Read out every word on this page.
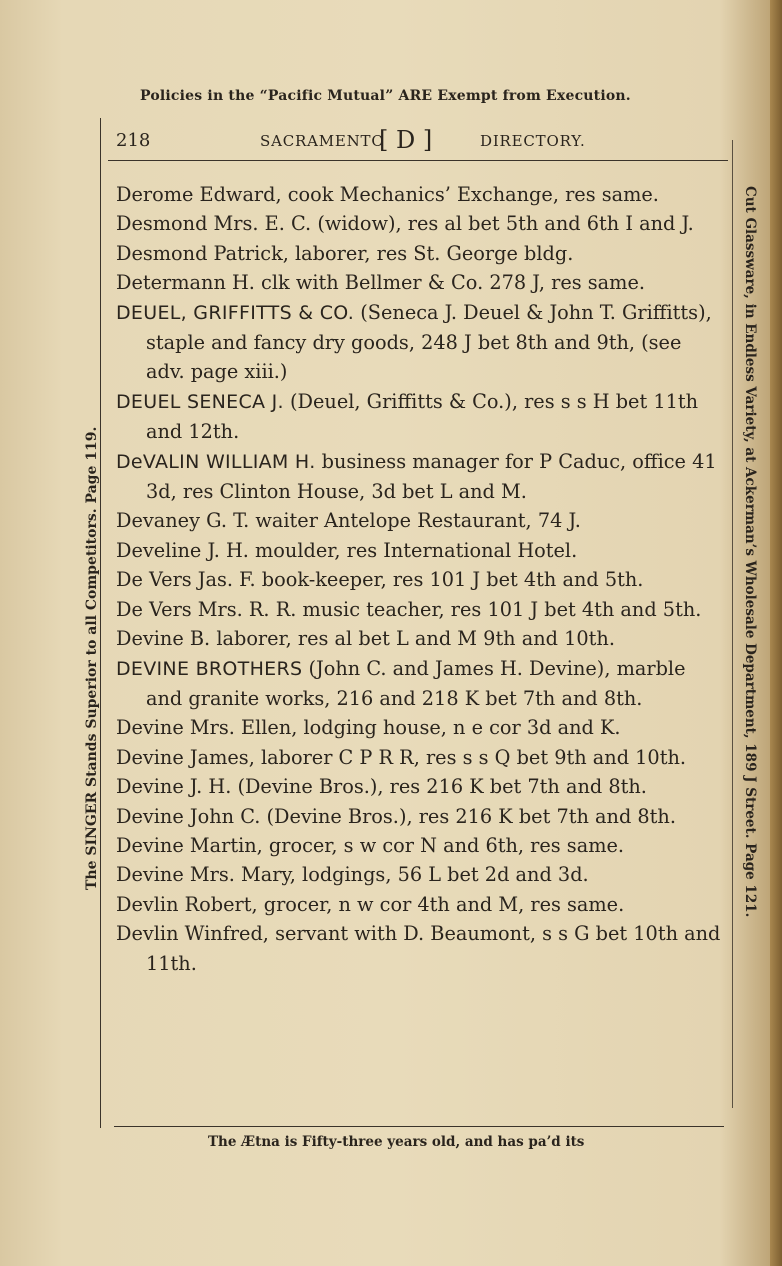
Policies in the “Pacific Mutual” ARE Exempt from Execution.
The SINGER Stands Superior to all Competitors. Page 119.	Cut Glassware, in Endless Variety, at Ackerman’s Wholesale Department, 189 J Street. Page 121.
218	SACRAMENTO
[ D ]	DIRECTORY.

Derome Edward, cook Mechanics’ Exchange, res same.

Desmond Mrs. E. C. (widow), res al bet 5th and 6th I and J.

Desmond Patrick, laborer, res St. George bldg.

Determann H. clk with Bellmer & Co. 278 J, res same.

DEUEL, GRIFFITTS & CO. (Seneca J. Deuel & John T. Griffitts), staple and fancy dry goods, 248 J bet 8th and 9th, (see adv. page xiii.)

DEUEL SENECA J. (Deuel, Griffitts & Co.), res s s H bet 11th and 12th.

DeVALIN WILLIAM H. business manager for P Caduc, office 41 3d, res Clinton House, 3d bet L and M.

Devaney G. T. waiter Antelope Restaurant, 74 J.

Develine J. H. moulder, res International Hotel.

De Vers Jas. F. book-keeper, res 101 J bet 4th and 5th.

De Vers Mrs. R. R. music teacher, res 101 J bet 4th and 5th.

Devine B. laborer, res al bet L and M 9th and 10th.

DEVINE BROTHERS (John C. and James H. Devine), marble and granite works, 216 and 218 K bet 7th and 8th.

Devine Mrs. Ellen, lodging house, n e cor 3d and K.

Devine James, laborer C P R R, res s s Q bet 9th and 10th.

Devine J. H. (Devine Bros.), res 216 K bet 7th and 8th.

Devine John C. (Devine Bros.), res 216 K bet 7th and 8th.

Devine Martin, grocer, s w cor N and 6th, res same.

Devine Mrs. Mary, lodgings, 56 L bet 2d and 3d.

Devlin Robert, grocer, n w cor 4th and M, res same.

Devlin Winfred, servant with D. Beaumont, s s G bet 10th and 11th.

The Ætna is Fifty-three years old, and has pa’d its
